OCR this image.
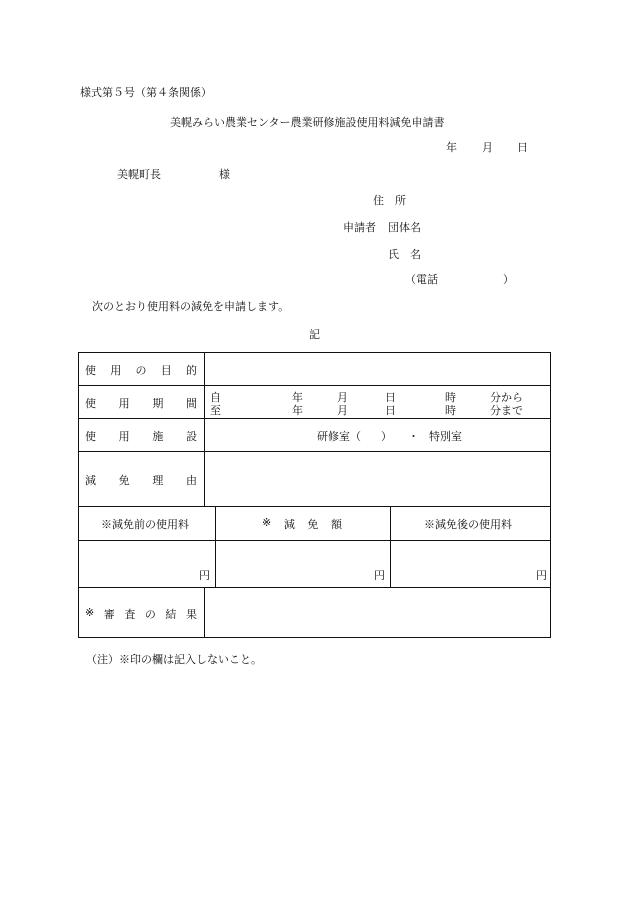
様式第５号（第４条関係）
美幌みらい農業センター農業研修施設使用料減免申請書
年 月 日
美幌町長	様
住　所
申請者 団体名
氏　名
（電話	）
次のとおり使用料の減免を申請します。
記
使 用 の 目 的
使 用 期 間 自	年	月	日	時	分から
至	年	月	日	時	分まで
使 用 施 設	研修室（ ） ・ 特別室
減 免 理 由
※減免前の使用料	※ 減 免 額	※減免後の使用料
円	円	円
※ 審 査 の 結 果
（注）※印の欄は記入しないこと。
